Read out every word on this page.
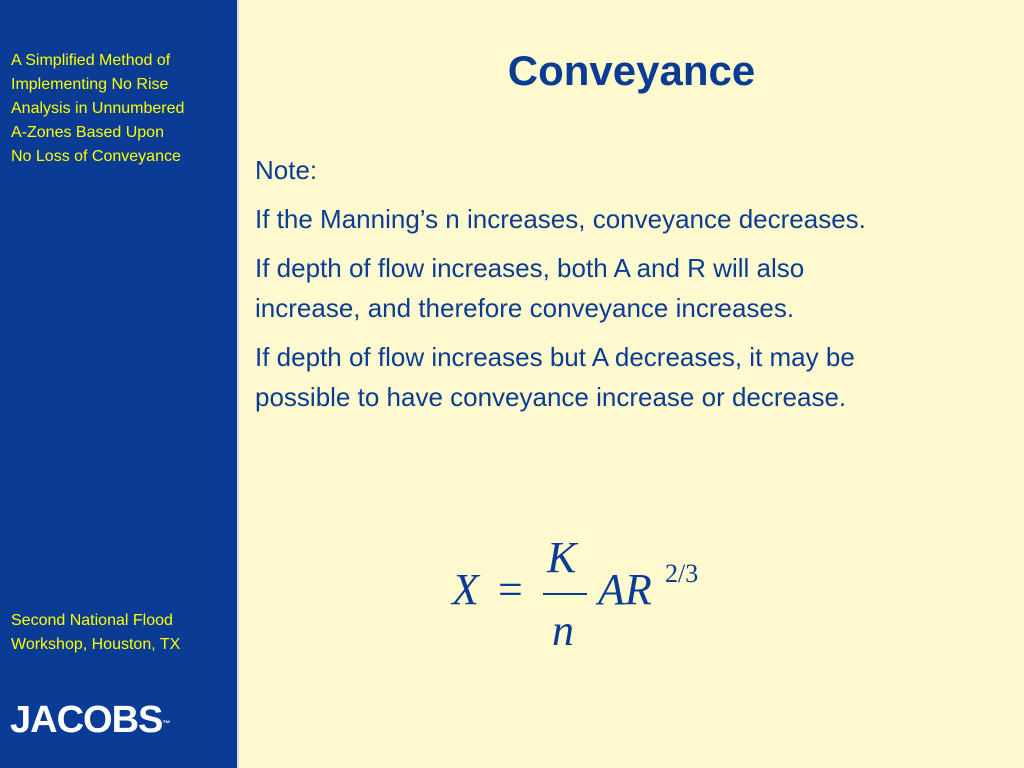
A Simplified Method of
Implementing No Rise
Analysis in Unnumbered
A-Zones Based Upon
No Loss of Conveyance
Second National Flood
Workshop, Houston, TX
JACOBS™
Conveyance
Note:
If the Manning’s n increases, conveyance decreases.
If depth of flow increases, both A and R will also
increase, and therefore conveyance increases.
If depth of flow increases but A decreases, it may be
possible to have conveyance increase or decrease.
X =
K
n
AR 2/3
